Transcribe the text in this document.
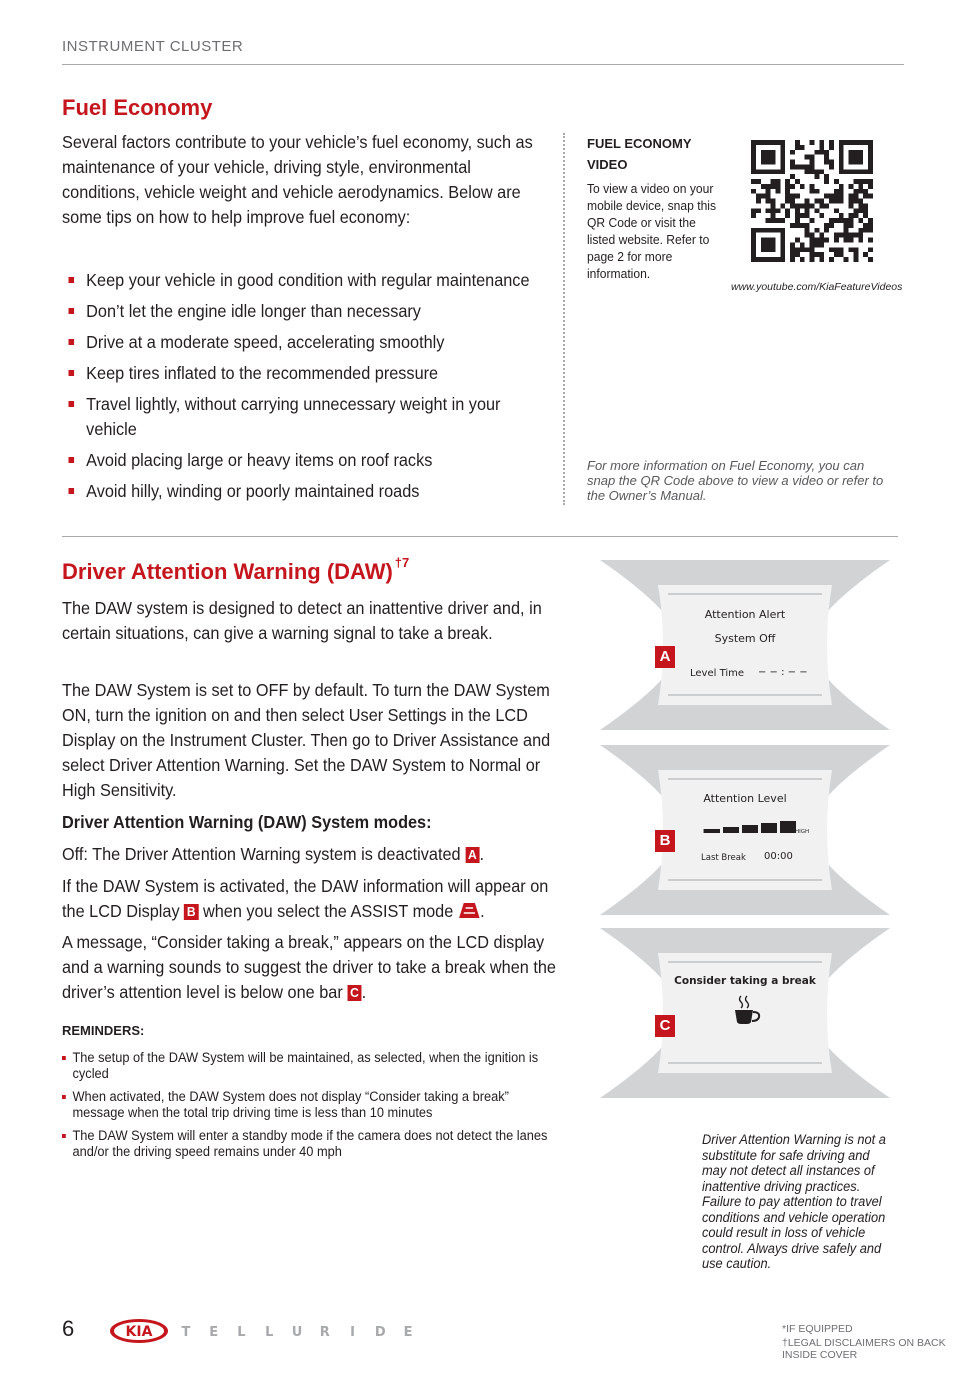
INSTRUMENT CLUSTER
Fuel Economy
Several factors contribute to your vehicle’s fuel economy, such as maintenance of your vehicle, driving style, environmental conditions, vehicle weight and vehicle aerodynamics. Below are some tips on how to help improve fuel economy:
Keep your vehicle in good condition with regular maintenance
Don’t let the engine idle longer than necessary
Drive at a moderate speed, accelerating smoothly
Keep tires inflated to the recommended pressure
Travel lightly, without carrying unnecessary weight in your vehicle
Avoid placing large or heavy items on roof racks
Avoid hilly, winding or poorly maintained roads
FUEL ECONOMY VIDEO
To view a video on your mobile device, snap this QR Code or visit the listed website. Refer to page 2 for more information.
www.youtube.com/KiaFeatureVideos
For more information on Fuel Economy, you can snap the QR Code above to view a video or refer to the Owner’s Manual.
Driver Attention Warning (DAW) $^{\dagger 7}$
The DAW system is designed to detect an inattentive driver and, in certain situations, can give a warning signal to take a break.
The DAW System is set to OFF by default. To turn the DAW System ON, turn the ignition on and then select User Settings in the LCD Display on the Instrument Cluster. Then go to Driver Assistance and select Driver Attention Warning. Set the DAW System to Normal or High Sensitivity.
Driver Attention Warning (DAW) System modes:
Off: The Driver Attention Warning system is deactivated A .
If the DAW System is activated, the DAW information will appear on the LCD Display B when you select the ASSIST mode .
A message, “Consider taking a break,” appears on the LCD display and a warning sounds to suggest the driver to take a break when the driver’s attention level is below one bar C .
REMINDERS:
The setup of the DAW System will be maintained, as selected, when the ignition is cycled
When activated, the DAW System does not display “Consider taking a break” message when the total trip driving time is less than 10 minutes
The DAW System will enter a standby mode if the camera does not detect the lanes and/or the driving speed remains under 40 mph
Attention Alert
System Off
Level Time − − : − −
A
Attention Level
LOW	HIGH
Last Break 00:00
B
Consider taking a break
C
Driver Attention Warning is not a substitute for safe driving and may not detect all instances of inattentive driving practices. Failure to pay attention to travel conditions and vehicle operation could result in loss of vehicle control. Always drive safely and use caution.
6	KIA T E L L U R I D E	*IF EQUIPPED
†LEGAL DISCLAIMERS ON BACK INSIDE COVER
